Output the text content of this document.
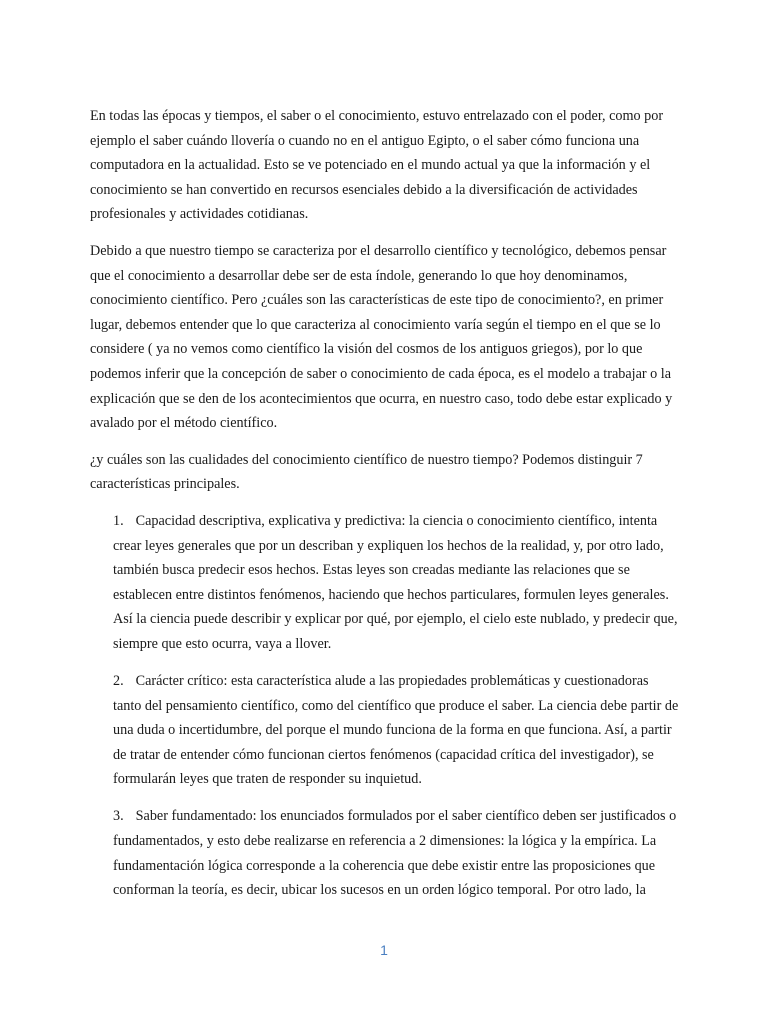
En todas las épocas y tiempos, el saber o el conocimiento, estuvo entrelazado con el poder, como por ejemplo el saber cuándo llovería o cuando no en el antiguo Egipto, o el saber cómo funciona una computadora en la actualidad. Esto se ve potenciado en el mundo actual ya que la información y el conocimiento se han convertido en recursos esenciales debido a la diversificación de actividades profesionales y actividades cotidianas.

Debido a que nuestro tiempo se caracteriza por el desarrollo científico y tecnológico, debemos pensar que el conocimiento a desarrollar debe ser de esta índole, generando lo que hoy denominamos, conocimiento científico. Pero ¿cuáles son las características de este tipo de conocimiento?, en primer lugar, debemos entender que lo que caracteriza al conocimiento varía según el tiempo en el que se lo considere ( ya no vemos como científico la visión del cosmos de los antiguos griegos), por lo que podemos inferir que la concepción de saber o conocimiento de cada época, es el modelo a trabajar o la explicación que se den de los acontecimientos que ocurra, en nuestro caso, todo debe estar explicado y avalado por el método científico.

¿y cuáles son las cualidades del conocimiento científico de nuestro tiempo? Podemos distinguir 7 características principales.

1. Capacidad descriptiva, explicativa y predictiva: la ciencia o conocimiento científico, intenta crear leyes generales que por un describan y expliquen los hechos de la realidad, y, por otro lado, también busca predecir esos hechos. Estas leyes son creadas mediante las relaciones que se establecen entre distintos fenómenos, haciendo que hechos particulares, formulen leyes generales. Así la ciencia puede describir y explicar por qué, por ejemplo, el cielo este nublado, y predecir que, siempre que esto ocurra, vaya a llover.

2. Carácter crítico: esta característica alude a las propiedades problemáticas y cuestionadoras tanto del pensamiento científico, como del científico que produce el saber. La ciencia debe partir de una duda o incertidumbre, del porque el mundo funciona de la forma en que funciona. Así, a partir de tratar de entender cómo funcionan ciertos fenómenos (capacidad crítica del investigador), se formularán leyes que traten de responder su inquietud.

3. Saber fundamentado: los enunciados formulados por el saber científico deben ser justificados o fundamentados, y esto debe realizarse en referencia a 2 dimensiones: la lógica y la empírica. La fundamentación lógica corresponde a la coherencia que debe existir entre las proposiciones que conforman la teoría, es decir, ubicar los sucesos en un orden lógico temporal. Por otro lado, la

1
